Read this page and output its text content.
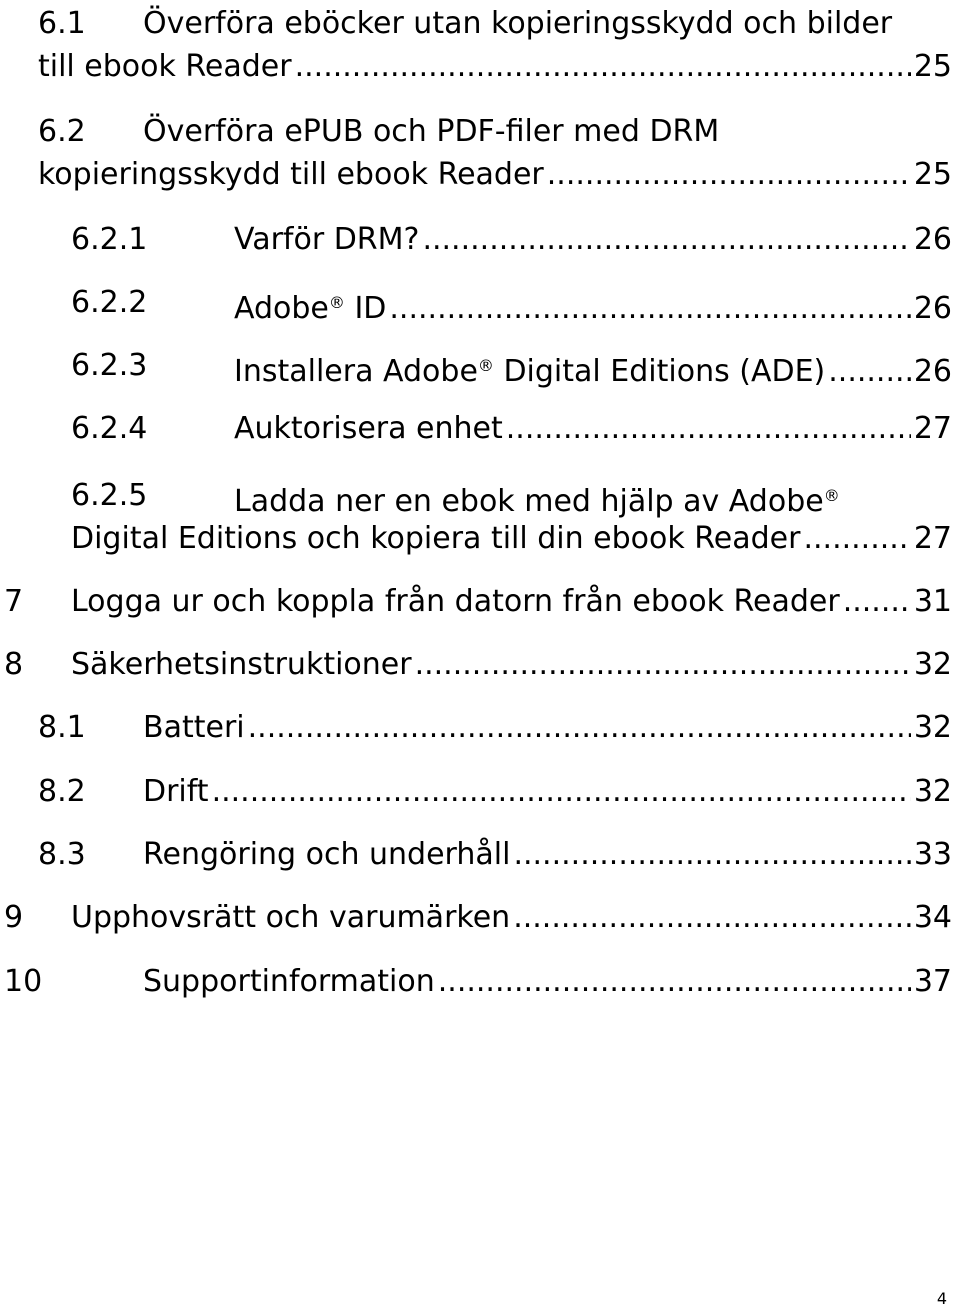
6.1 Överföra eböcker utan kopieringsskydd och bilder
till ebook Reader .....	25
6.2 Överföra ePUB och PDF-filer med DRM
kopieringsskydd till ebook Reader .....	25
6.2.1	Varför DRM? .....	26
6.2.2	Adobe® ID .....	26
6.2.3	Installera Adobe® Digital Editions (ADE) .....	26
6.2.4	Auktorisera enhet .....	27
6.2.5	Ladda ner en ebok med hjälp av Adobe®
Digital Editions och kopiera till din ebook Reader .....	27
7 Logga ur och koppla från datorn från ebook Reader ..... 31
8 Säkerhetsinstruktioner .....	32
8.1 Batteri .....	32
8.2 Drift .....	32
8.3 Rengöring och underhåll .....	33
9 Upphovsrätt och varumärken .....	34
10	Supportinformation .....	37
4
